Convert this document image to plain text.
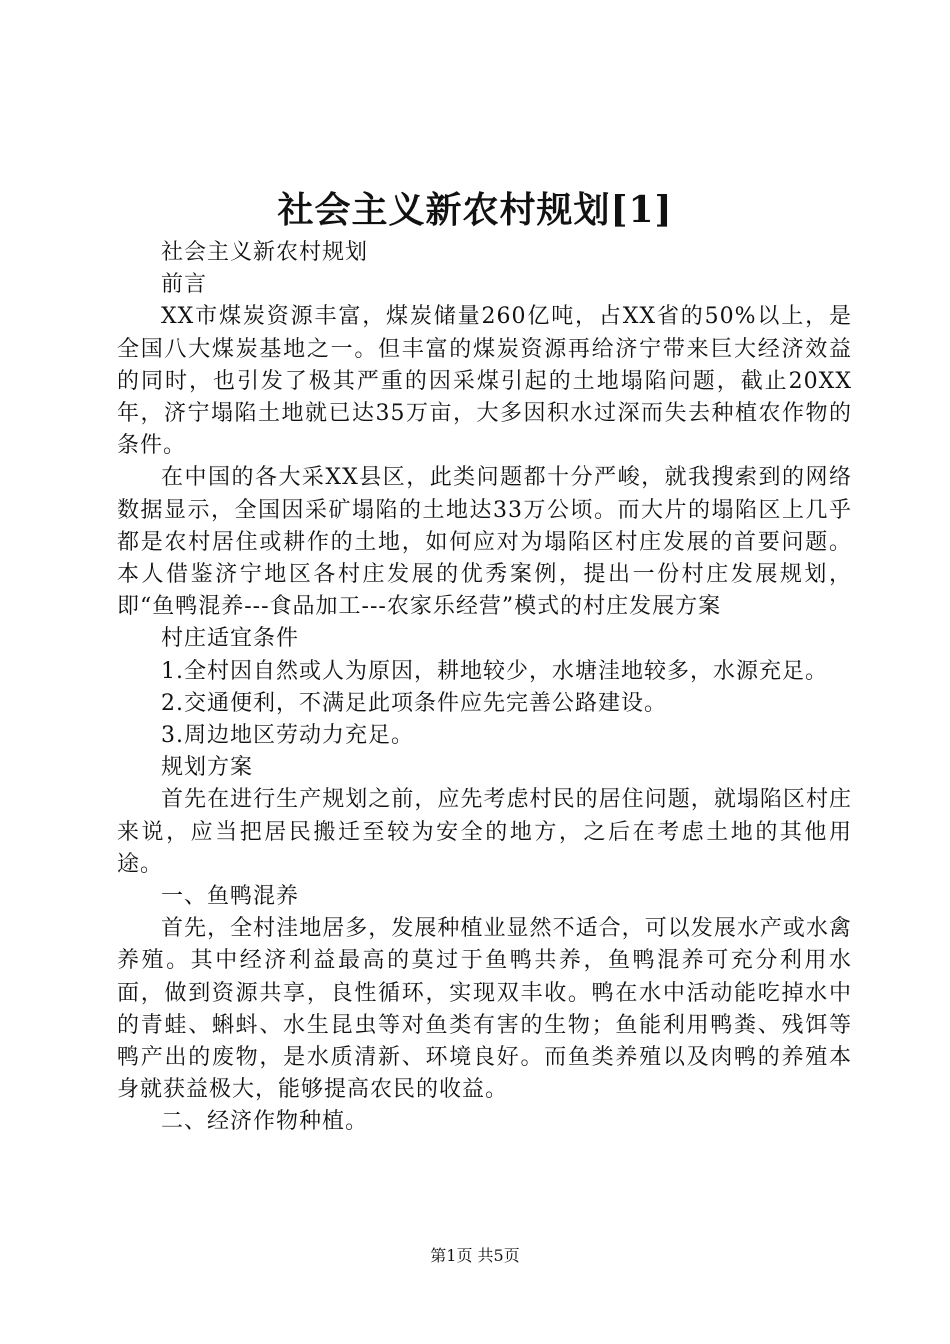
社会主义新农村规划[1]

社会主义新农村规划

前言

XX市煤炭资源丰富，煤炭储量260亿吨，占XX省的50%以上，是全国八大煤炭基地之一。但丰富的煤炭资源再给济宁带来巨大经济效益的同时，也引发了极其严重的因采煤引起的土地塌陷问题，截止20XX年，济宁塌陷土地就已达35万亩，大多因积水过深而失去种植农作物的条件。

在中国的各大采XX县区，此类问题都十分严峻，就我搜索到的网络数据显示，全国因采矿塌陷的土地达33万公顷。而大片的塌陷区上几乎都是农村居住或耕作的土地，如何应对为塌陷区村庄发展的首要问题。本人借鉴济宁地区各村庄发展的优秀案例，提出一份村庄发展规划，即“鱼鸭混养---食品加工---农家乐经营”模式的村庄发展方案

村庄适宜条件

1.全村因自然或人为原因，耕地较少，水塘洼地较多，水源充足。

2.交通便利，不满足此项条件应先完善公路建设。

3.周边地区劳动力充足。

规划方案

首先在进行生产规划之前，应先考虑村民的居住问题，就塌陷区村庄来说，应当把居民搬迁至较为安全的地方，之后在考虑土地的其他用途。

一、鱼鸭混养

首先，全村洼地居多，发展种植业显然不适合，可以发展水产或水禽养殖。其中经济利益最高的莫过于鱼鸭共养，鱼鸭混养可充分利用水面，做到资源共享，良性循环，实现双丰收。鸭在水中活动能吃掉水中的青蛙、蝌蚪、水生昆虫等对鱼类有害的生物；鱼能利用鸭粪、残饵等鸭产出的废物，是水质清新、环境良好。而鱼类养殖以及肉鸭的养殖本身就获益极大，能够提高农民的收益。

二、经济作物种植。

第1页 共5页
